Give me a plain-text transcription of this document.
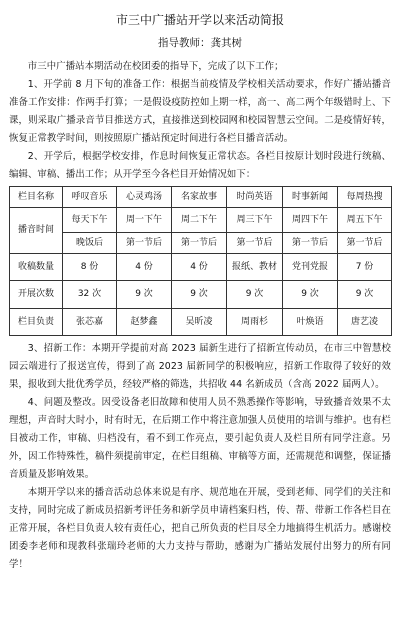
市三中广播站开学以来活动简报
指导教师：龚其树

市三中广播站本期活动在校团委的指导下，完成了以下工作；

1、开学前 8 月下旬的准备工作：根据当前疫情及学校相关活动要求，作好广播站播音准备工作安排：作两手打算；一是假设疫防控如上期一样，高一、高二两个年级错时上、下课，则采取广播录音节目推送方式，直接推送到校园网和校园智慧云空间。二是疫情好转，恢复正常教学时间，则按照原广播站预定时间进行各栏目播音活动。

2、开学后，根据学校安排，作息时间恢复正常状态。各栏目按原计划时段进行统稿、编辑、审稿、播出工作；从开学至今各栏目开始情况如下：

栏目名称	呼叹音乐	心灵鸡汤	名家故事	时尚英语	时事新闻	每周热搜
播音时间	每天下午	周一下午	周二下午	周三下午	周四下午	周五下午
	晚饭后	第一节后	第一节后	第一节后	第一节后	第一节后
收稿数量	8 份	4 份	4 份	报纸、教材	党刊党报	7 份
开展次数	32 次	9 次	9 次	9 次	9 次	9 次
栏目负责	张芯嘉	赵梦鑫	吴昕凌	周雨杉	叶焕语	唐艺凌

3、招新工作：本期开学提前对高 2023 届新生进行了招新宣传动员，在市三中智慧校园云端进行了报送宣传，得到了高 2023 届新同学的积极响应，招新工作取得了较好的效果，报收到大批优秀学员，经较严格的筛选，共招收 44 名新成员（含高 2022 届两人）。

4、问题及整改。因受设备老旧故障和使用人员不熟悉操作等影响，导致播音效果不太理想，声音时大时小，时有时无，在后期工作中将注意加强人员使用的培训与维护。也有栏目被动工作，审稿、归档没有，看不到工作亮点，要引起负责人及栏目所有同学注意。另外，因工作特殊性，稿件须提前审定，在栏目组稿、审稿等方面，还需规范和调整，保证播音质量及影响效果。

本期开学以来的播音活动总体来说是有序、规范地在开展，受到老师、同学们的关注和支持，同时完成了新成员招新考评任务和新学员申请档案归档，传、帮、带新工作各栏目在正常开展，各栏目负责人较有责任心，把自己所负责的栏目尽全力地搞得生机活力。感谢校团委李老师和现教科张瑞玲老师的大力支持与帮助，感谢为广播站发展付出努力的所有同学！
